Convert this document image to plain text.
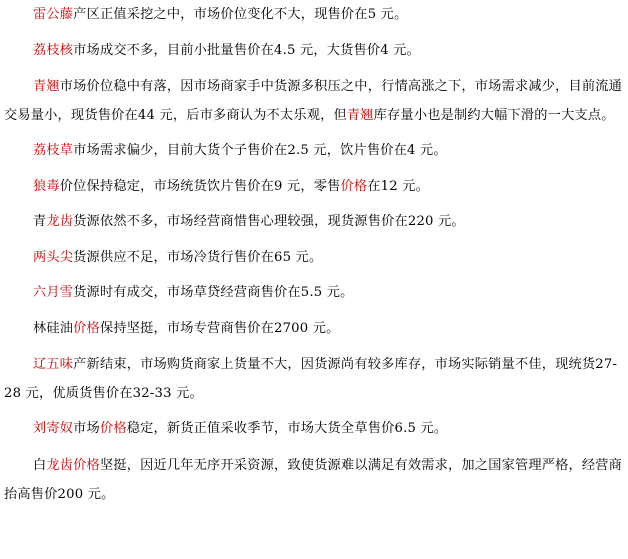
雷公藤产区正值采挖之中，市场价位变化不大，现售价在5 元。

荔枝核市场成交不多，目前小批量售价在4.5 元，大货售价4 元。

青翘市场价位稳中有落，因市场商家手中货源多积压之中，行情高涨之下，市场需求减少，目前流通交易量小，现货售价在44 元，后市多商认为不太乐观，但青翘库存量小也是制约大幅下滑的一大支点。

荔枝草市场需求偏少，目前大货个子售价在2.5 元，饮片售价在4 元。

狼毒价位保持稳定，市场统货饮片售价在9 元，零售价格在12 元。

青龙齿货源依然不多，市场经营商惜售心理较强，现货源售价在220 元。

两头尖货源供应不足，市场冷货行售价在65 元。

六月雪货源时有成交，市场草贷经营商售价在5.5 元。

林硅油价格保持坚挺，市场专营商售价在2700 元。

辽五味产新结束，市场购货商家上货量不大，因货源尚有较多库存，市场实际销量不佳，现统货27-28 元，优质货售价在32-33 元。

刘寄奴市场价格稳定，新货正值采收季节，市场大货全草售价6.5 元。

白龙齿价格坚挺，因近几年无序开采资源，致使货源难以满足有效需求，加之国家管理严格，经营商抬高售价200 元。
